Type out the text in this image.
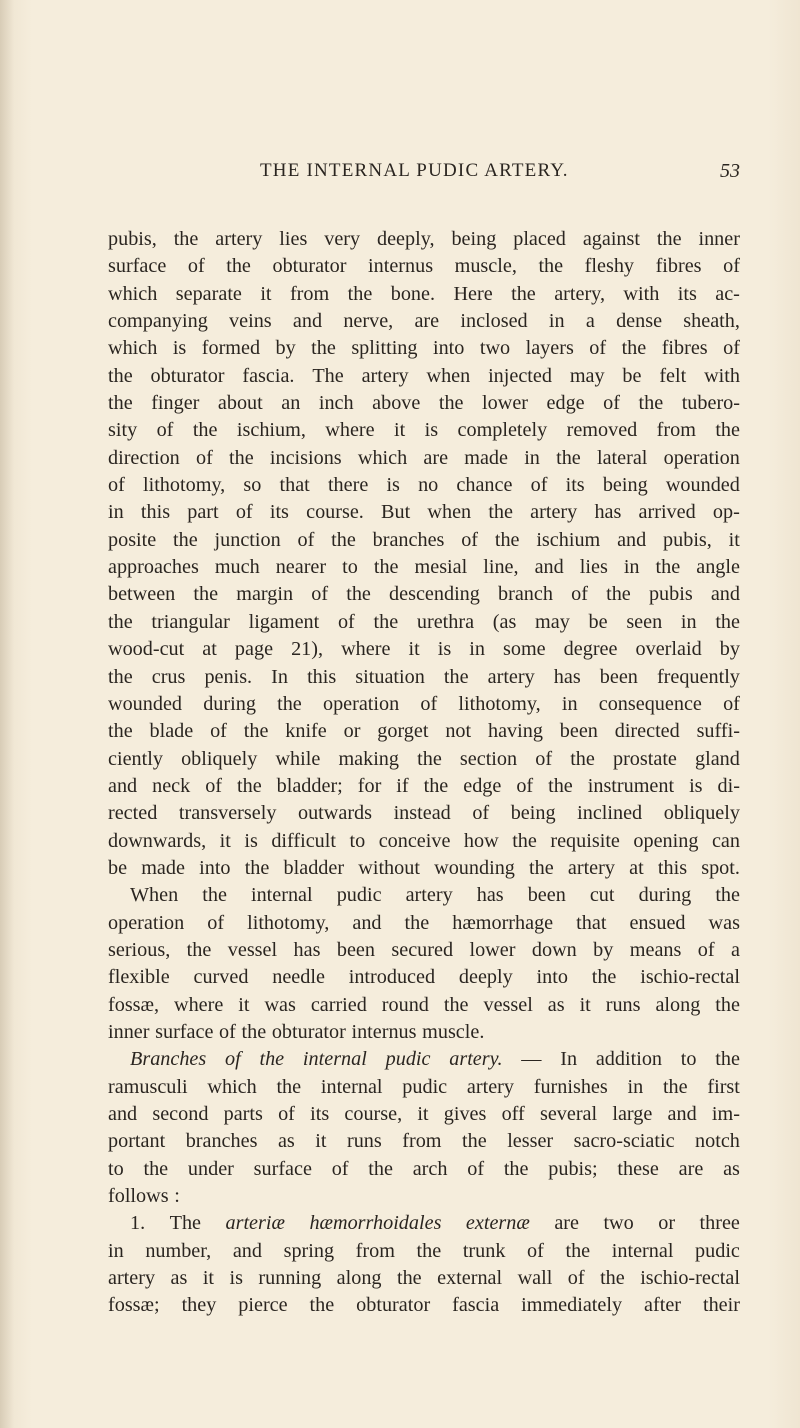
THE INTERNAL PUDIC ARTERY.	53
pubis, the artery lies very deeply, being placed against the inner
surface of the obturator internus muscle, the fleshy fibres of
which separate it from the bone. Here the artery, with its ac-
companying veins and nerve, are inclosed in a dense sheath,
which is formed by the splitting into two layers of the fibres of
the obturator fascia. The artery when injected may be felt with
the finger about an inch above the lower edge of the tubero-
sity of the ischium, where it is completely removed from the
direction of the incisions which are made in the lateral operation
of lithotomy, so that there is no chance of its being wounded
in this part of its course. But when the artery has arrived op-
posite the junction of the branches of the ischium and pubis, it
approaches much nearer to the mesial line, and lies in the angle
between the margin of the descending branch of the pubis and
the triangular ligament of the urethra (as may be seen in the
wood-cut at page 21), where it is in some degree overlaid by
the crus penis. In this situation the artery has been frequently
wounded during the operation of lithotomy, in consequence of
the blade of the knife or gorget not having been directed suffi-
ciently obliquely while making the section of the prostate gland
and neck of the bladder; for if the edge of the instrument is di-
rected transversely outwards instead of being inclined obliquely
downwards, it is difficult to conceive how the requisite opening can
be made into the bladder without wounding the artery at this spot.
When the internal pudic artery has been cut during the
operation of lithotomy, and the hæmorrhage that ensued was
serious, the vessel has been secured lower down by means of a
flexible curved needle introduced deeply into the ischio-rectal
fossæ, where it was carried round the vessel as it runs along the
inner surface of the obturator internus muscle.
Branches of the internal pudic artery. — In addition to the
ramusculi which the internal pudic artery furnishes in the first
and second parts of its course, it gives off several large and im-
portant branches as it runs from the lesser sacro-sciatic notch
to the under surface of the arch of the pubis; these are as
follows :
1. The arteriæ hæmorrhoidales externæ are two or three
in number, and spring from the trunk of the internal pudic
artery as it is running along the external wall of the ischio-rectal
fossæ; they pierce the obturator fascia immediately after their
